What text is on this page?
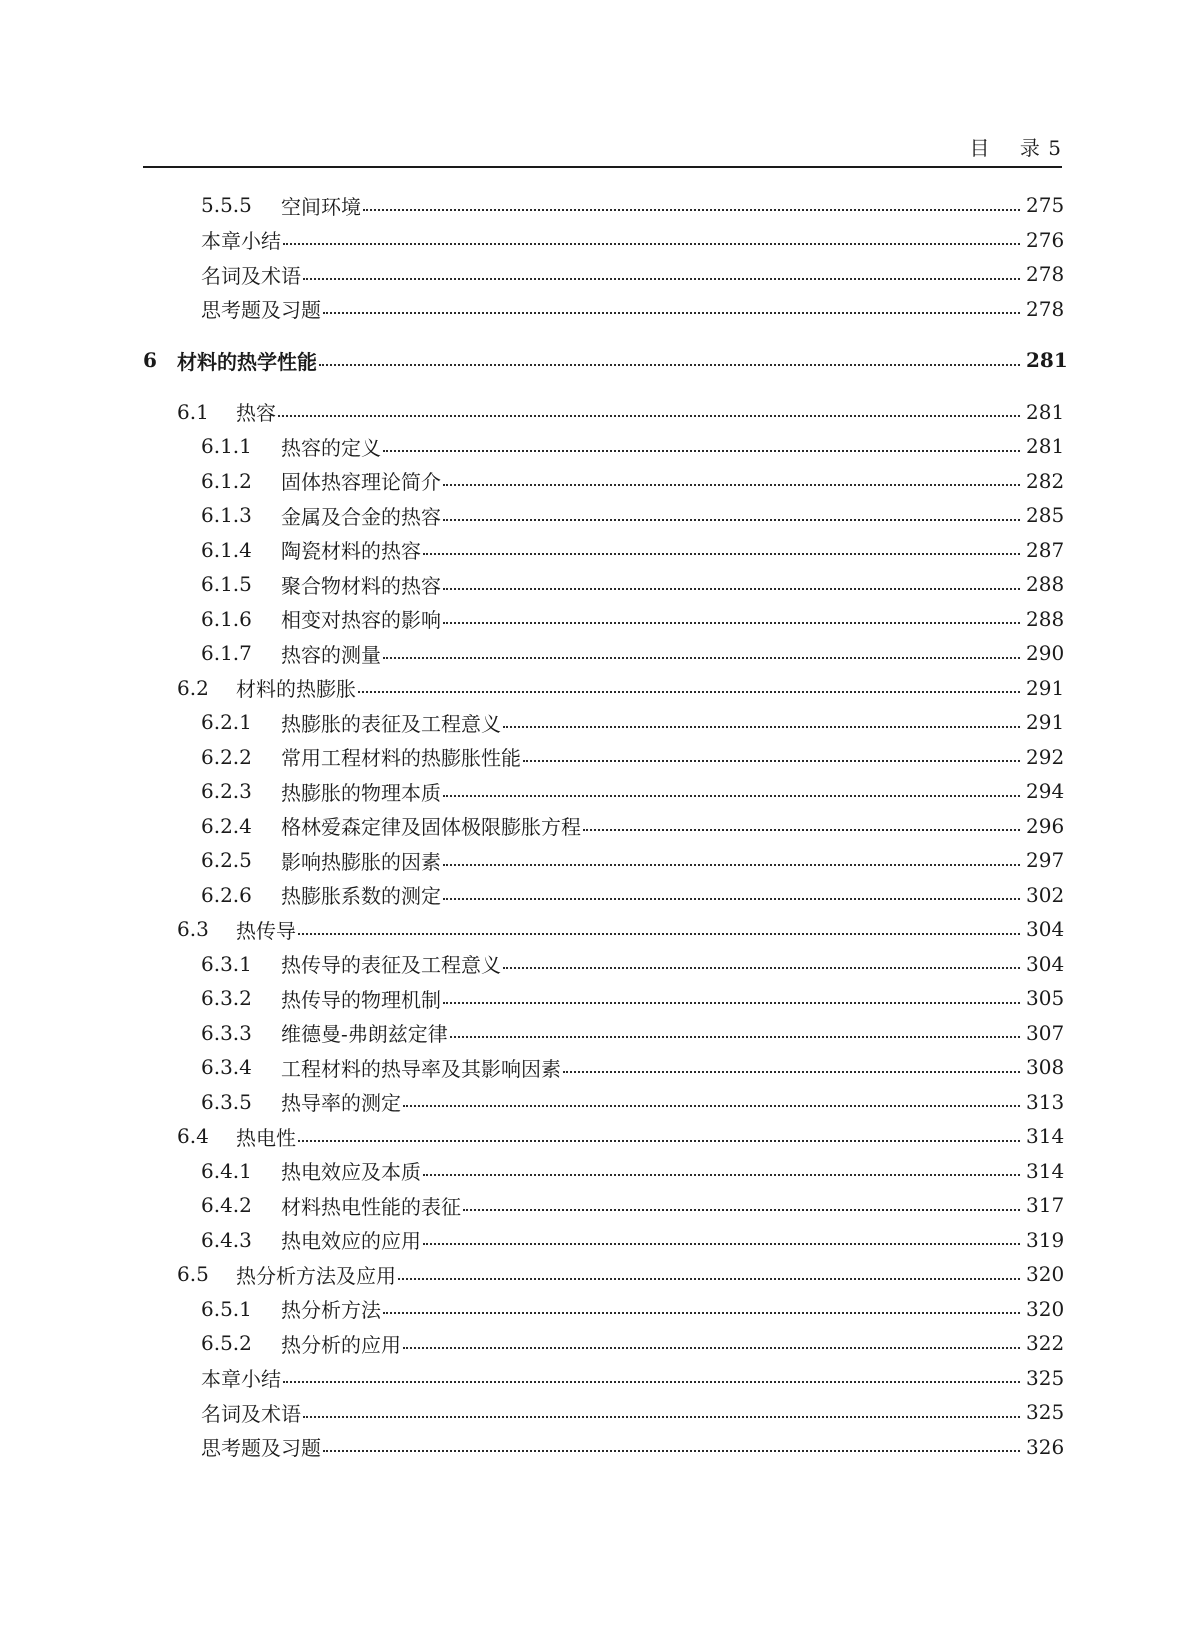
目    录 5
5.5.5	空间环境	275
本章小结	276
名词及术语	278
思考题及习题	278
6	材料的热学性能	281
6.1	热容	281
6.1.1	热容的定义	281
6.1.2	固体热容理论简介	282
6.1.3	金属及合金的热容	285
6.1.4	陶瓷材料的热容	287
6.1.5	聚合物材料的热容	288
6.1.6	相变对热容的影响	288
6.1.7	热容的测量	290
6.2	材料的热膨胀	291
6.2.1	热膨胀的表征及工程意义	291
6.2.2	常用工程材料的热膨胀性能	292
6.2.3	热膨胀的物理本质	294
6.2.4	格林爱森定律及固体极限膨胀方程	296
6.2.5	影响热膨胀的因素	297
6.2.6	热膨胀系数的测定	302
6.3	热传导	304
6.3.1	热传导的表征及工程意义	304
6.3.2	热传导的物理机制	305
6.3.3	维德曼-弗朗兹定律	307
6.3.4	工程材料的热导率及其影响因素	308
6.3.5	热导率的测定	313
6.4	热电性	314
6.4.1	热电效应及本质	314
6.4.2	材料热电性能的表征	317
6.4.3	热电效应的应用	319
6.5	热分析方法及应用	320
6.5.1	热分析方法	320
6.5.2	热分析的应用	322
本章小结	325
名词及术语	325
思考题及习题	326
